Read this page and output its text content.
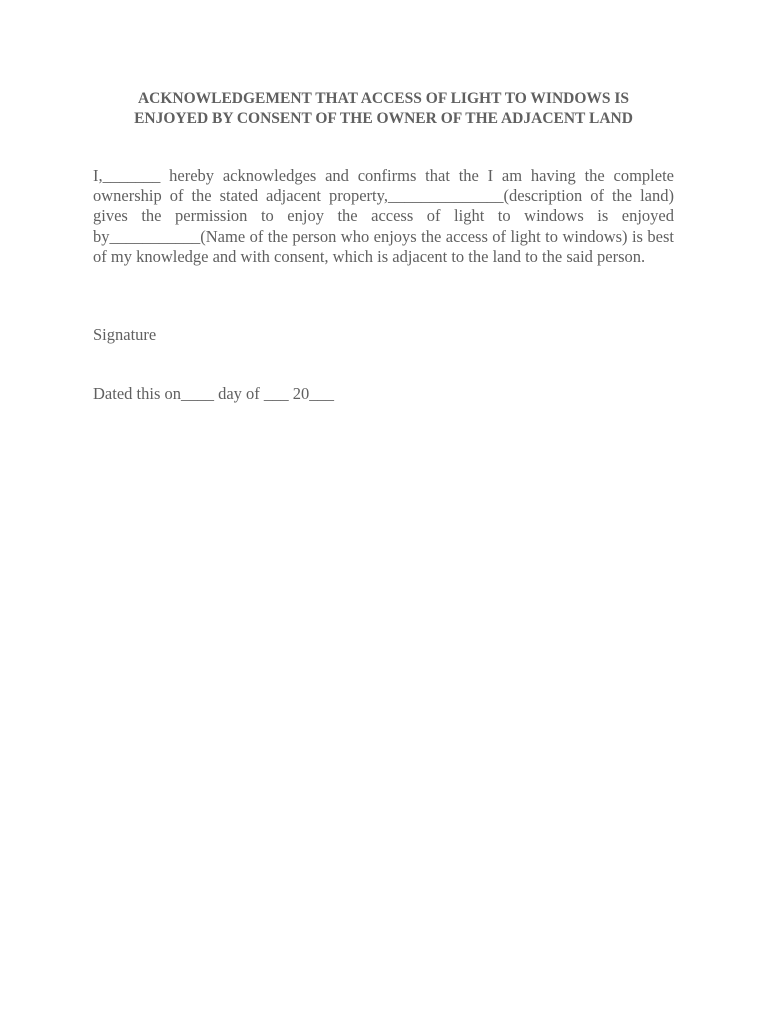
ACKNOWLEDGEMENT THAT ACCESS OF LIGHT TO WINDOWS IS
ENJOYED BY CONSENT OF THE OWNER OF THE ADJACENT LAND
I,_______ hereby acknowledges and confirms that the I am having the complete ownership of the stated adjacent property,______________(description of the land) gives the permission to enjoy the access of light to windows is enjoyed by___________(Name of the person who enjoys the access of light to windows) is best of my knowledge and with consent, which is adjacent to the land to the said person.
Signature
Dated this on____ day of ___ 20___
